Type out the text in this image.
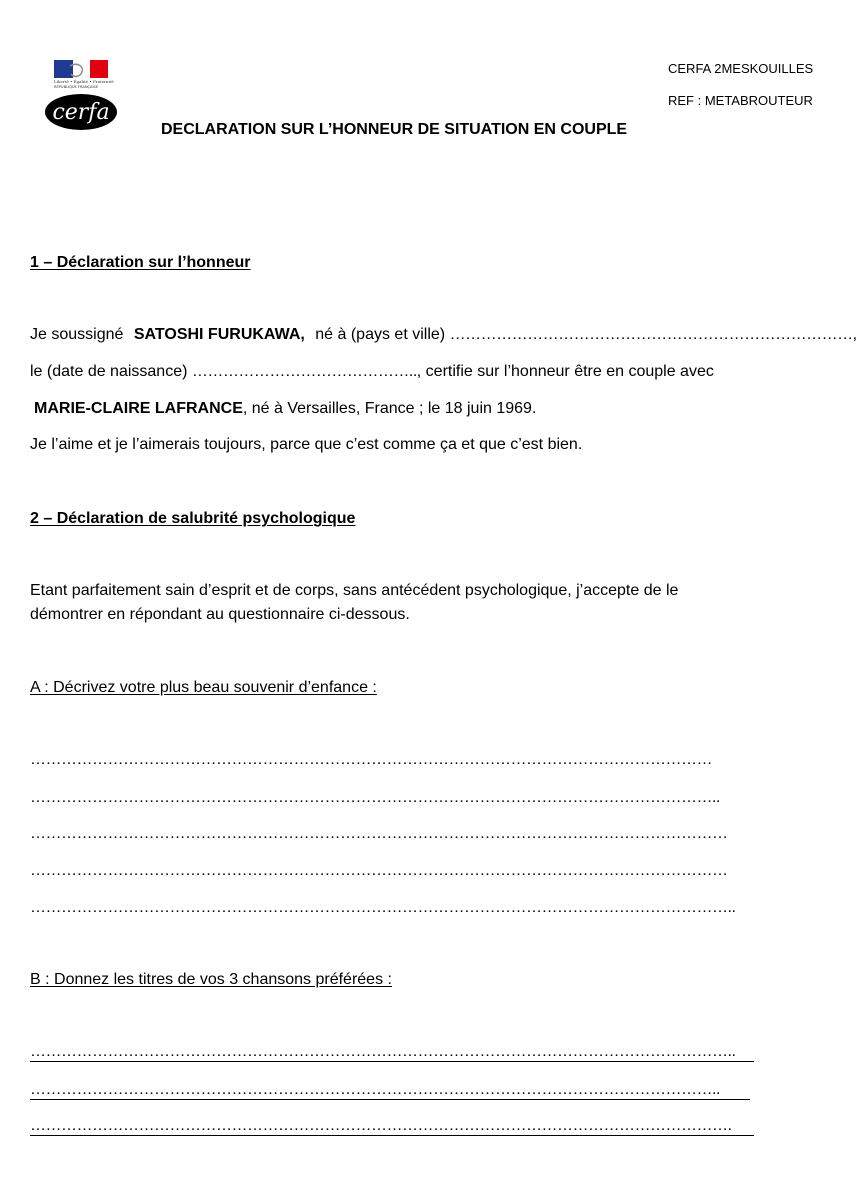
Liberté • Égalité • Fraternité
RÉPUBLIQUE FRANÇAISE
cerfa
CERFA 2MESKOUILLES
REF : METABROUTEUR
DECLARATION SUR L’HONNEUR DE SITUATION EN COUPLE
1 – Déclaration sur l’honneur
Je soussigné SATOSHI FURUKAWA, né à (pays et ville) ……………………………………………………………………,
le (date de naissance) …………………………………….., certifie sur l’honneur être en couple avec
MARIE-CLAIRE LAFRANCE, né à Versailles, France ; le 18 juin 1969.
Je l’aime et je l’aimerais toujours, parce que c’est comme ça et que c’est bien.
2 – Déclaration de salubrité psychologique
Etant parfaitement sain d’esprit et de corps, sans antécédent psychologique, j’accepte de le
démontrer en répondant au questionnaire ci-dessous.
A : Décrivez votre plus beau souvenir d’enfance :
……………………………………………………………………………………………………………………
……………………………………………………………………………………………………………………..
………………………………………………………………………………………………………………………
………………………………………………………………………………………………………………………
………………………………………………………………………………………………………………………..
B : Donnez les titres de vos 3 chansons préférées :
………………………………………………………………………………………………………………………..
……………………………………………………………………………………………………………………..
……………………………………………………………………………………………………………………….
